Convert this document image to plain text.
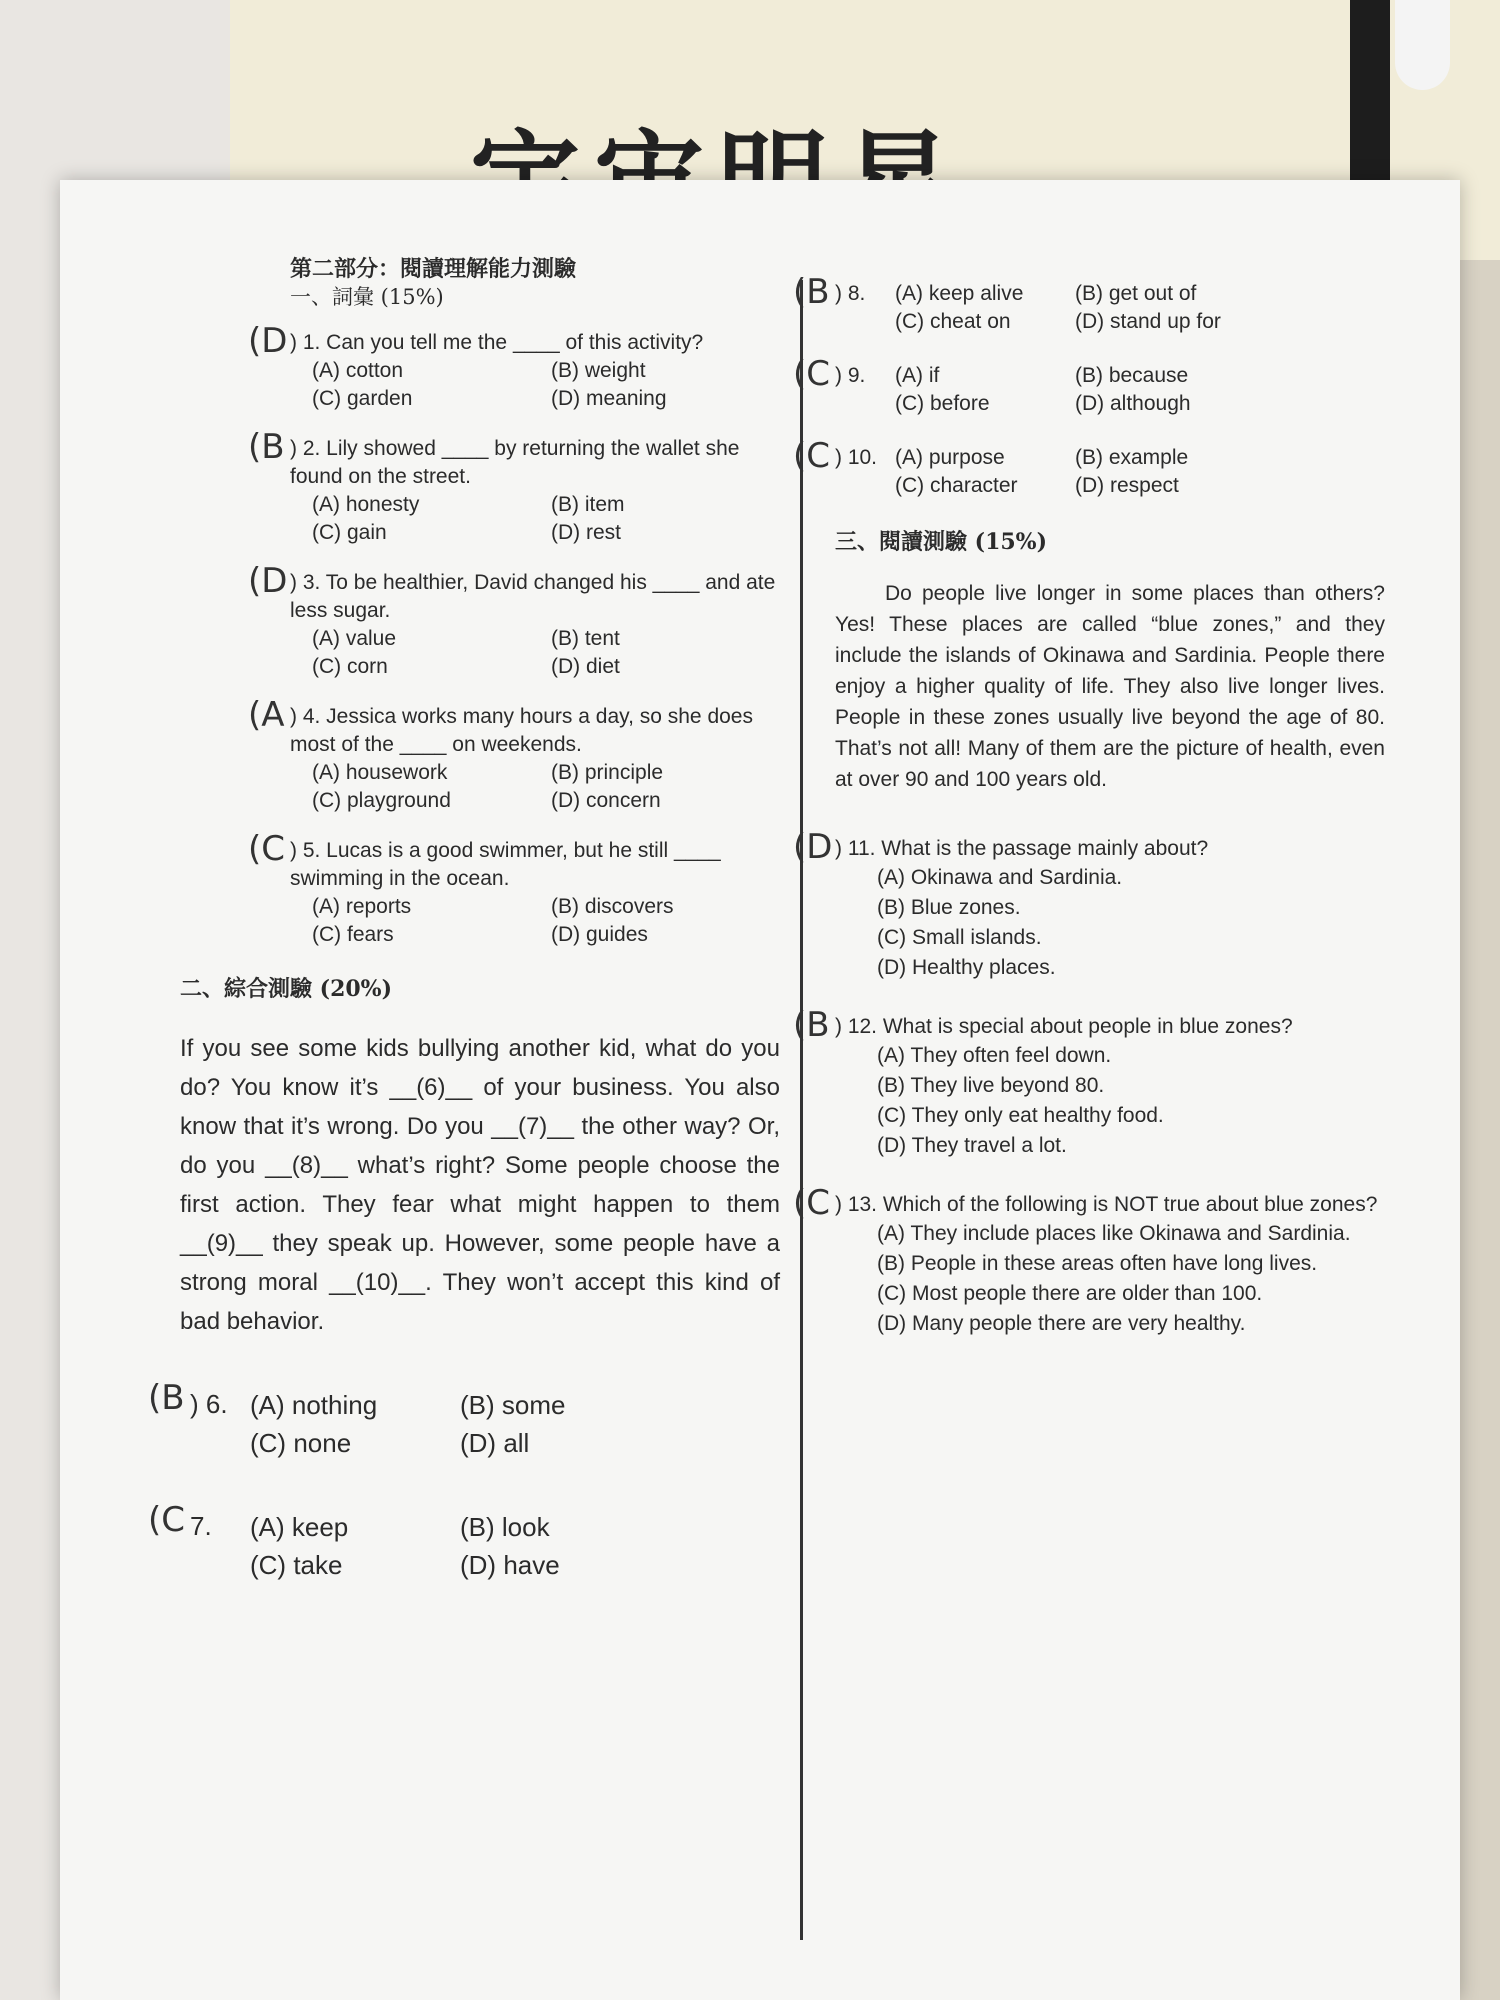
第二部分：閱讀理解能力測驗

一、詞彙 (15%)

(D ) 1. Can you tell me the ____ of this activity?
(A) cotton	(B) weight
(C) garden	(D) meaning
(B ) 2. Lily showed ____ by returning the wallet she found on the street.
(A) honesty	(B) item
(C) gain	(D) rest
(D ) 3. To be healthier, David changed his ____ and ate less sugar.
(A) value	(B) tent
(C) corn	(D) diet
(A ) 4. Jessica works many hours a day, so she does most of the ____ on weekends.
(A) housework	(B) principle
(C) playground	(D) concern
(C ) 5. Lucas is a good swimmer, but he still ____ swimming in the ocean.
(A) reports	(B) discovers
(C) fears	(D) guides

二、綜合測驗 (20%)

If you see some kids bullying another kid, what do you do? You know it’s __(6)__ of your business. You also know that it’s wrong. Do you __(7)__ the other way? Or, do you __(8)__ what’s right? Some people choose the first action. They fear what might happen to them __(9)__ they speak up. However, some people have a strong moral __(10)__. They won’t accept this kind of bad behavior.
(B ) 6. (A) nothing	(B) some
(C) none	(D) all
(C 7. (A) keep	(B) look
(C) take	(D) have
(B ) 8. (A) keep alive	(B) get out of
(C) cheat on	(D) stand up for
(C ) 9. (A) if	(B) because
(C) before	(D) although
(C ) 10. (A) purpose	(B) example
(C) character	(D) respect

三、閱讀測驗 (15%)

Do people live longer in some places than others? Yes! These places are called “blue zones,” and they include the islands of Okinawa and Sardinia. People there enjoy a higher quality of life. They also live longer lives. People in these zones usually live beyond the age of 80. That’s not all! Many of them are the picture of health, even at over 90 and 100 years old.
(D ) 11. What is the passage mainly about?
(A) Okinawa and Sardinia.
(B) Blue zones.
(C) Small islands.
(D) Healthy places.
(B ) 12. What is special about people in blue zones?
(A) They often feel down.
(B) They live beyond 80.
(C) They only eat healthy food.
(D) They travel a lot.
(C ) 13. Which of the following is NOT true about blue zones?
(A) They include places like Okinawa and Sardinia.
(B) People in these areas often have long lives.
(C) Most people there are older than 100.
(D) Many people there are very healthy.
